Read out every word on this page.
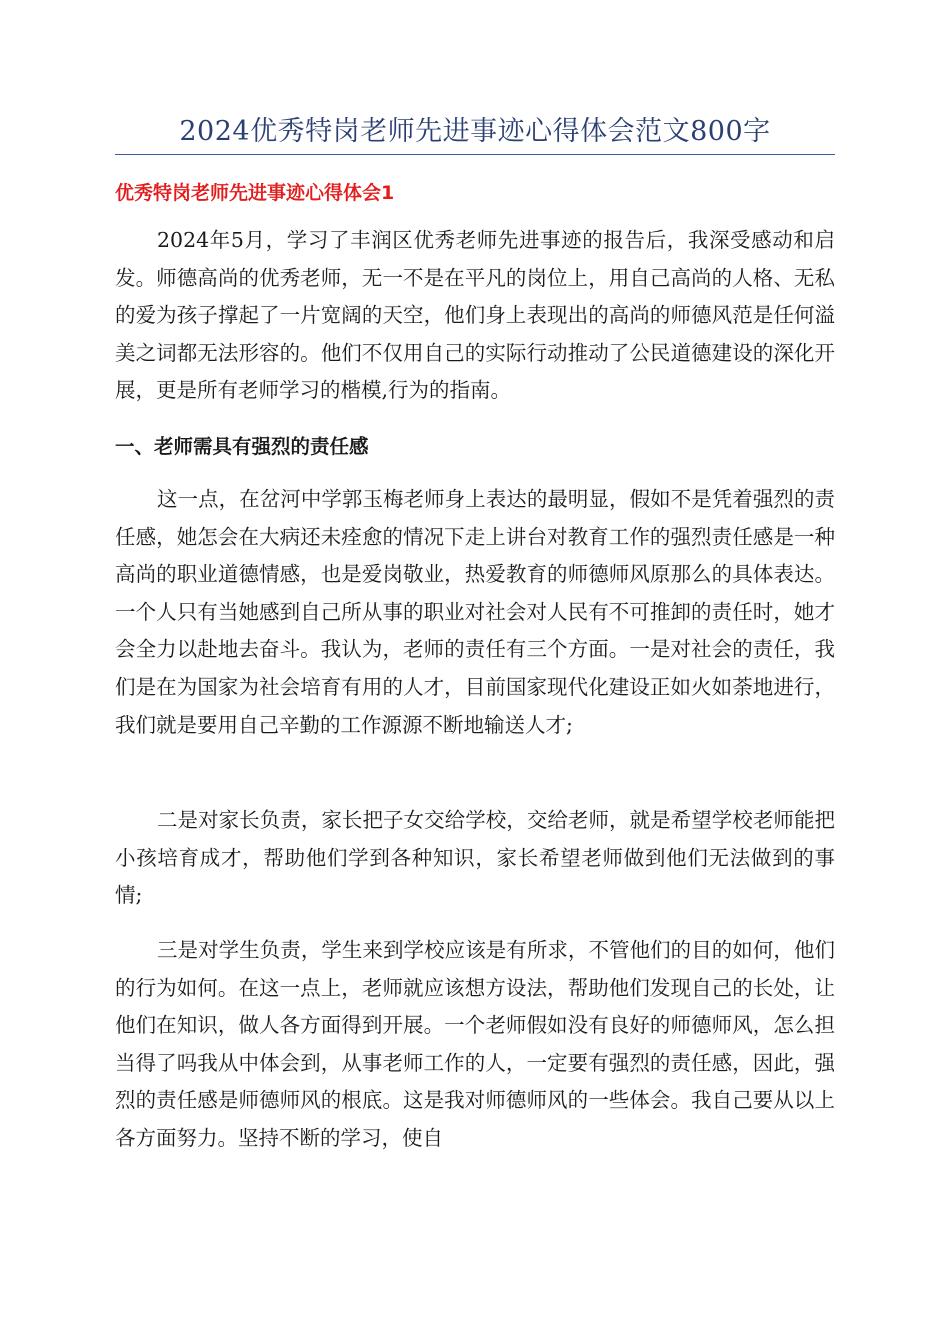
2024优秀特岗老师先进事迹心得体会范文800字
优秀特岗老师先进事迹心得体会1

2024年5月，学习了丰润区优秀老师先进事迹的报告后，我深受感动和启发。师德高尚的优秀老师，无一不是在平凡的岗位上，用自己高尚的人格、无私的爱为孩子撑起了一片宽阔的天空，他们身上表现出的高尚的师德风范是任何溢美之词都无法形容的。他们不仅用自己的实际行动推动了公民道德建设的深化开展，更是所有老师学习的楷模,行为的指南。

一、老师需具有强烈的责任感

这一点，在岔河中学郭玉梅老师身上表达的最明显，假如不是凭着强烈的责任感，她怎会在大病还未痊愈的情况下走上讲台对教育工作的强烈责任感是一种高尚的职业道德情感，也是爱岗敬业，热爱教育的师德师风原那么的具体表达。一个人只有当她感到自己所从事的职业对社会对人民有不可推卸的责任时，她才会全力以赴地去奋斗。我认为，老师的责任有三个方面。一是对社会的责任，我们是在为国家为社会培育有用的人才，目前国家现代化建设正如火如荼地进行，我们就是要用自己辛勤的工作源源不断地输送人才;

二是对家长负责，家长把子女交给学校，交给老师，就是希望学校老师能把小孩培育成才，帮助他们学到各种知识，家长希望老师做到他们无法做到的事情;

三是对学生负责，学生来到学校应该是有所求，不管他们的目的如何，他们的行为如何。在这一点上，老师就应该想方设法，帮助他们发现自己的长处，让他们在知识，做人各方面得到开展。一个老师假如没有良好的师德师风，怎么担当得了吗我从中体会到，从事老师工作的人，一定要有强烈的责任感，因此，强烈的责任感是师德师风的根底。这是我对师德师风的一些体会。我自己要从以上各方面努力。坚持不断的学习，使自
